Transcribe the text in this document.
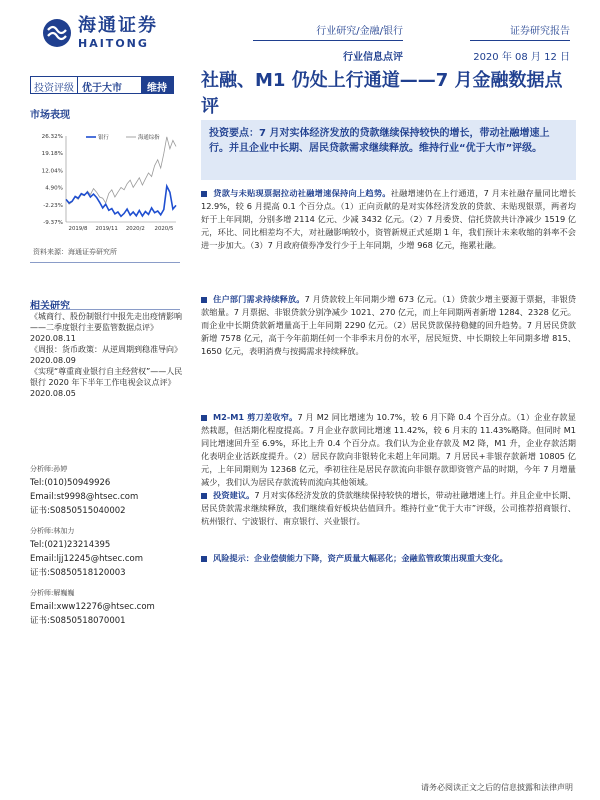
海通证券
HAITONG
行业研究/金融/银行
行业信息点评
证券研究报告
2020 年 08 月 12 日
投资评级 优于大市	维持	社融、M1 仍处上行通道——7 月金融数据点评
市场表现
26.32%
19.18%
12.04%
4.90%
-2.23%
-9.37%
2019/8 2019/11 2020/2 2020/5
银行	海通综指
资料来源：海通证券研究所
相关研究

《城商行、股份制银行中报先走出疫情影响——二季度银行主要监管数据点评》2020.08.11

《周报：货币政策：从逆周期到稳准导向》2020.08.09

《实现“尊重商业银行自主经营权”——人民银行 2020 年下半年工作电视会议点评》2020.08.05

分析师:孙婷
Tel:(010)50949926
Email:st9998@htsec.com
证书:S0850515040002
分析师:林加力
Tel:(021)23214395
Email:ljj12245@htsec.com
证书:S0850518120003
分析师:解巍巍
Email:xww12276@htsec.com
证书:S0850518070001
投资要点：7 月对实体经济发放的贷款继续保持较快的增长，带动社融增速上行。并且企业中长期、居民贷款需求继续释放。维持行业“优于大市”评级。
贷款与未贴现票据拉动社融增速保持向上趋势。社融增速仍在上行通道，7 月末社融存量同比增长 12.9%，较 6 月提高 0.1 个百分点。（1）正向贡献的是对实体经济发放的贷款、未贴现银票，两者均好于上年同期，分别多增 2114 亿元、少减 3432 亿元。（2）7 月委贷、信托贷款共计净减少 1519 亿元，环比、同比相差均不大，对社融影响较小，资管新规正式延期 1 年，我们预计未来收缩的斜率不会进一步加大。（3）7 月政府债券净发行少于上年同期，少增 968 亿元，拖累社融。
住户部门需求持续释放。7 月贷款较上年同期少增 673 亿元。（1）贷款少增主要源于票据，非银贷款缩量。7 月票据、非银贷款分别净减少 1021、270 亿元，而上年同期两者新增 1284、2328 亿元。而企业中长期贷款新增量高于上年同期 2290 亿元。（2）居民贷款保持稳健的回升趋势。7 月居民贷款新增 7578 亿元，高于今年前期任何一个非季末月份的水平，居民短贷、中长期较上年同期多增 815、1650 亿元，表明消费与按揭需求持续释放。
M2-M1 剪刀差收窄。7 月 M2 同比增速为 10.7%，较 6 月下降 0.4 个百分点。（1）企业存款显然栽愿，但活期化程度提高。7 月企业存款同比增速 11.42%，较 6 月末的 11.43%略降。但同时 M1 同比增速回升至 6.9%，环比上升 0.4 个百分点。我们认为企业存款及 M2 降，M1 升，企业存款活期化表明企业活跃度提升。（2）居民存款向非银转化未超上年同期。7 月居民+非银存款新增 10805 亿元，上年同期则为 12368 亿元，季初往往是居民存款流向非银存款即资管产品的时期，今年 7 月增量减少，我们认为居民存款流转而流向其他领域。
投资建议。7 月对实体经济发放的贷款继续保持较快的增长，带动社融增速上行。并且企业中长期、居民贷款需求继续释放，我们继续看好板块估值回升。维持行业“优于大市”评级，公司推荐招商银行、杭州银行、宁波银行、南京银行、兴业银行。
风险提示：企业偿债能力下降，资产质量大幅恶化；金融监管政策出现重大变化。
请务必阅读正文之后的信息披露和法律声明
